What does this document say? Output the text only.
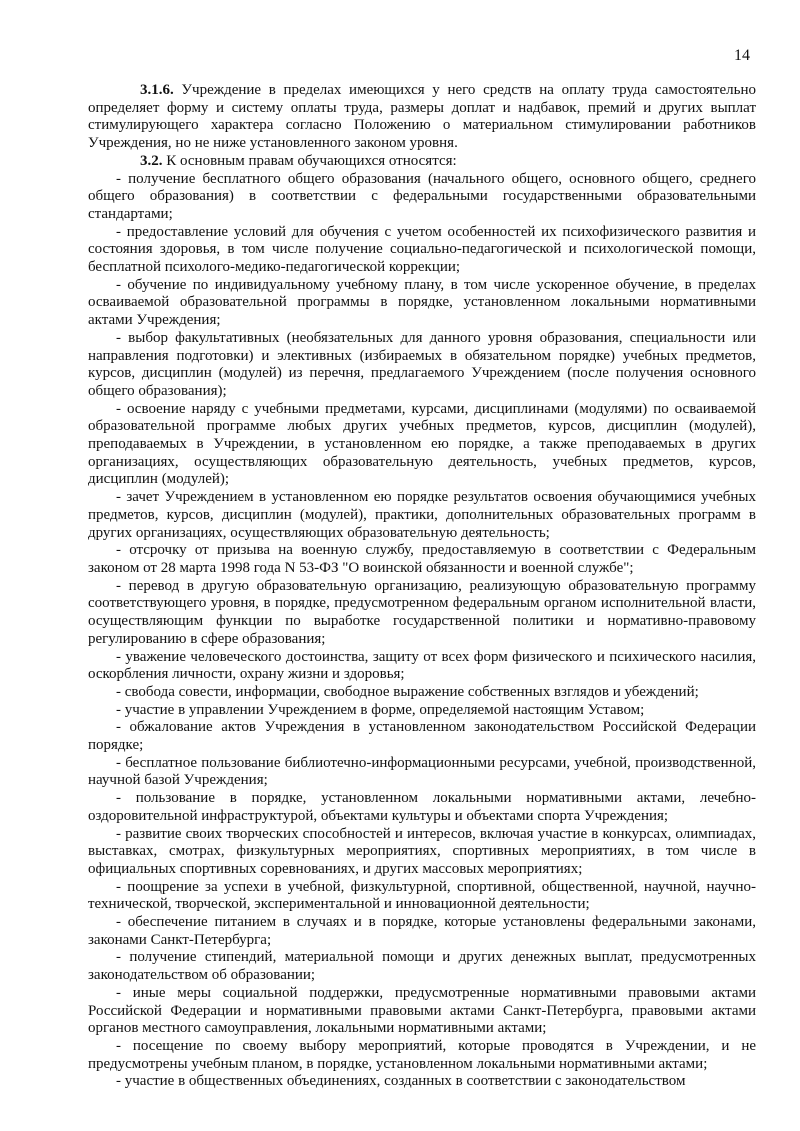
14

3.1.6. Учреждение в пределах имеющихся у него средств на оплату труда самостоятельно определяет форму и систему оплаты труда, размеры доплат и надбавок, премий и других выплат стимулирующего характера согласно Положению о материальном стимулировании работников Учреждения, но не ниже установленного законом уровня.

3.2. К основным правам обучающихся относятся:

- получение бесплатного общего образования (начального общего, основного общего, среднего общего образования) в соответствии с федеральными государственными образовательными стандартами;

- предоставление условий для обучения с учетом особенностей их психофизического развития и состояния здоровья, в том числе получение социально-педагогической и психологической помощи, бесплатной психолого-медико-педагогической коррекции;

- обучение по индивидуальному учебному плану, в том числе ускоренное обучение, в пределах осваиваемой образовательной программы в порядке, установленном локальными нормативными актами Учреждения;

- выбор факультативных (необязательных для данного уровня образования, специальности или направления подготовки) и элективных (избираемых в обязательном порядке) учебных предметов, курсов, дисциплин (модулей) из перечня, предлагаемого Учреждением (после получения основного общего образования);

- освоение наряду с учебными предметами, курсами, дисциплинами (модулями) по осваиваемой образовательной программе любых других учебных предметов, курсов, дисциплин (модулей), преподаваемых в Учреждении, в установленном ею порядке, а также преподаваемых в других организациях, осуществляющих образовательную деятельность, учебных предметов, курсов, дисциплин (модулей);

- зачет Учреждением в установленном ею порядке результатов освоения обучающимися учебных предметов, курсов, дисциплин (модулей), практики, дополнительных образовательных программ в других организациях, осуществляющих образовательную деятельность;

- отсрочку от призыва на военную службу, предоставляемую в соответствии с Федеральным законом от 28 марта 1998 года N 53-ФЗ "О воинской обязанности и военной службе";

- перевод в другую образовательную организацию, реализующую образовательную программу соответствующего уровня, в порядке, предусмотренном федеральным органом исполнительной власти, осуществляющим функции по выработке государственной политики и нормативно-правовому регулированию в сфере образования;

- уважение человеческого достоинства, защиту от всех форм физического и психического насилия, оскорбления личности, охрану жизни и здоровья;

- свобода совести, информации, свободное выражение собственных взглядов и убеждений;

- участие в управлении Учреждением в форме, определяемой настоящим Уставом;

- обжалование актов Учреждения в установленном законодательством Российской Федерации порядке;

- бесплатное пользование библиотечно-информационными ресурсами, учебной, производственной, научной базой Учреждения;

- пользование в порядке, установленном локальными нормативными актами, лечебно-оздоровительной инфраструктурой, объектами культуры и объектами спорта Учреждения;

- развитие своих творческих способностей и интересов, включая участие в конкурсах, олимпиадах, выставках, смотрах, физкультурных мероприятиях, спортивных мероприятиях, в том числе в официальных спортивных соревнованиях, и других массовых мероприятиях;

- поощрение за успехи в учебной, физкультурной, спортивной, общественной, научной, научно-технической, творческой, экспериментальной и инновационной деятельности;

- обеспечение питанием в случаях и в порядке, которые установлены федеральными законами, законами Санкт-Петербурга;

- получение стипендий, материальной помощи и других денежных выплат, предусмотренных законодательством об образовании;

- иные меры социальной поддержки, предусмотренные нормативными правовыми актами Российской Федерации и нормативными правовыми актами Санкт-Петербурга, правовыми актами органов местного самоуправления, локальными нормативными актами;

- посещение по своему выбору мероприятий, которые проводятся в Учреждении, и не предусмотрены учебным планом, в порядке, установленном локальными нормативными актами;

- участие в общественных объединениях, созданных в соответствии с законодательством
